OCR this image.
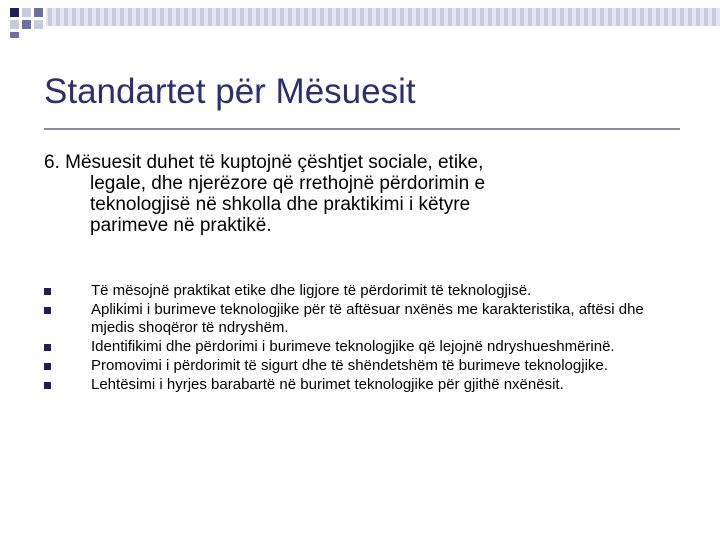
Standartet për Mësuesit
6. Mësuesit duhet të kuptojnë çështjet sociale, etike,
legale, dhe njerëzore që rrethojnë përdorimin e
teknologjisë në shkolla dhe praktikimi i këtyre
parimeve në praktikë.
Të mësojnë praktikat etike dhe ligjore të përdorimit të teknologjisë.
Aplikimi i burimeve teknologjike për të aftësuar nxënës me karakteristika, aftësi dhe mjedis shoqëror të ndryshëm.
Identifikimi dhe përdorimi i burimeve teknologjike që lejojnë ndryshueshmërinë.
Promovimi i përdorimit të sigurt dhe të shëndetshëm të burimeve teknologjike.
Lehtësimi i hyrjes barabartë në burimet teknologjike për gjithë nxënësit.
